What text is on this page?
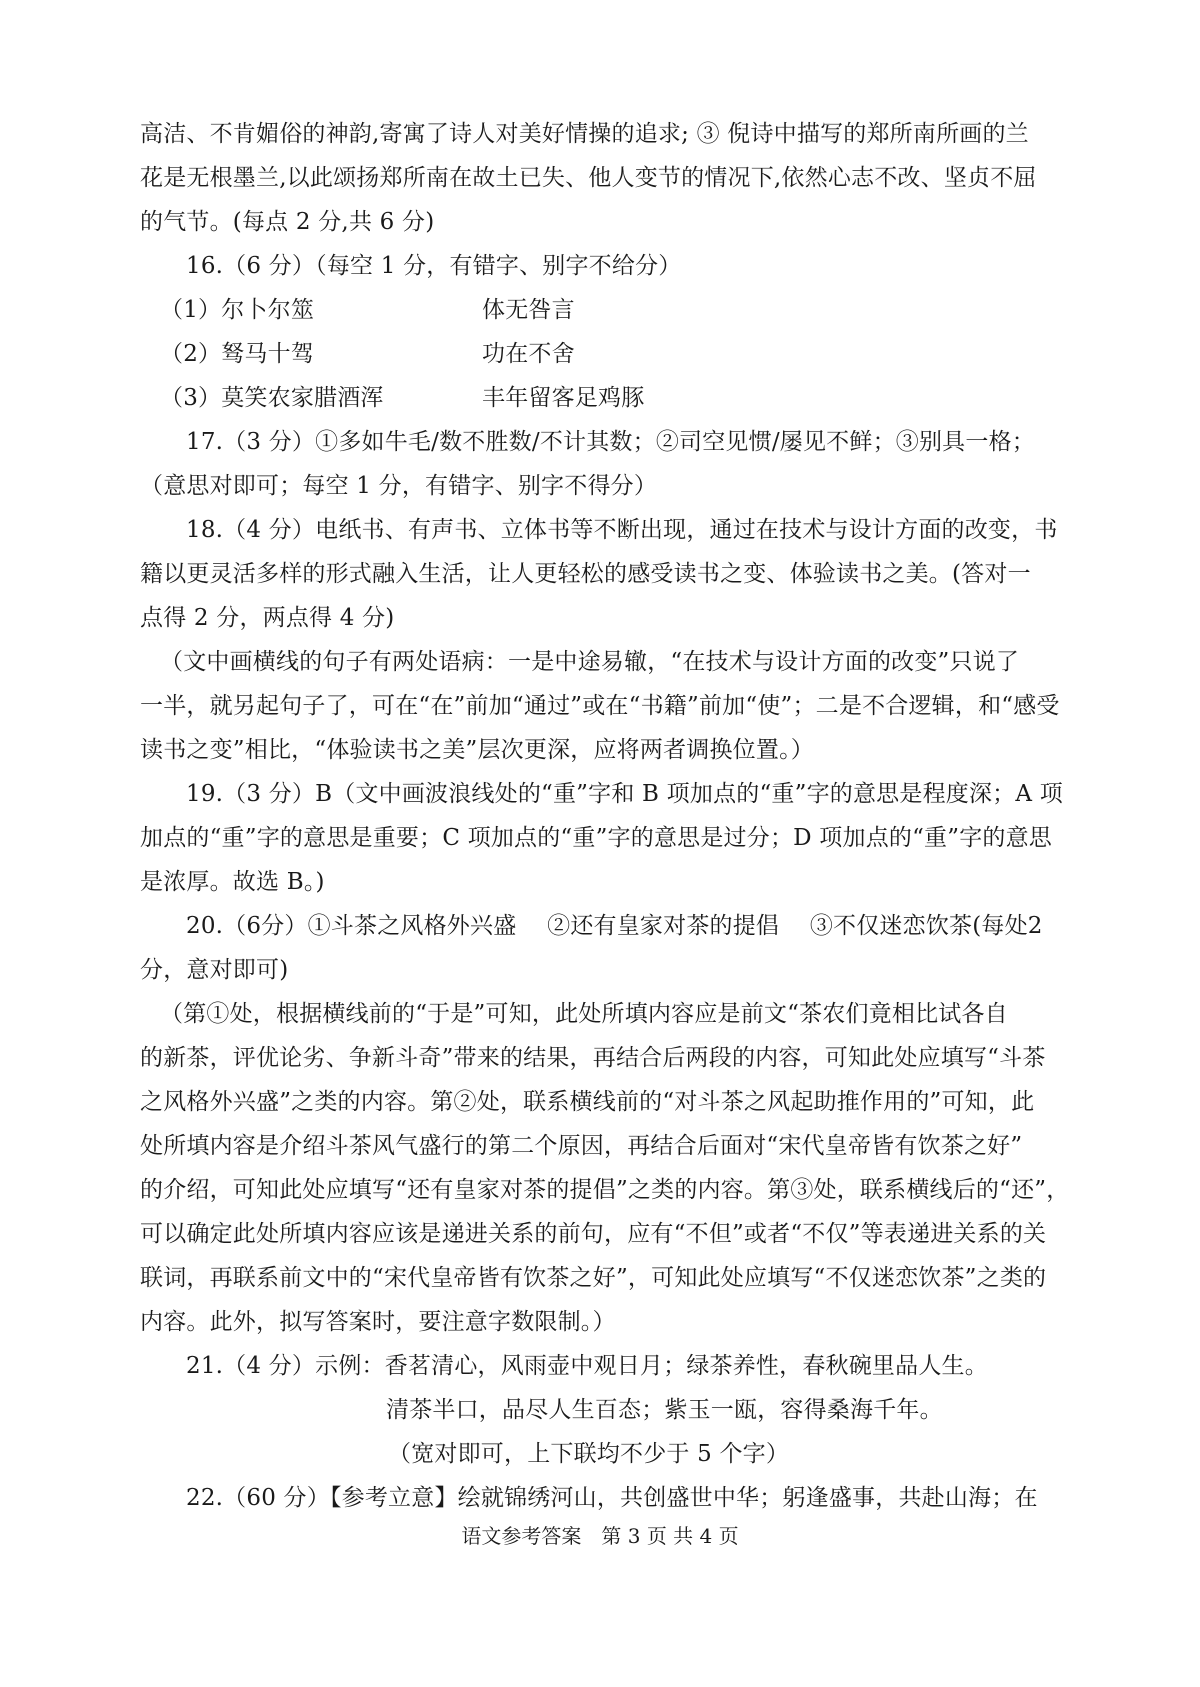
高洁、不肯媚俗的神韵,寄寓了诗人对美好情操的追求; ③ 倪诗中描写的郑所南所画的兰
花是无根墨兰,以此颂扬郑所南在故土已失、他人变节的情况下,依然心志不改、坚贞不屈
的气节。(每点 2 分,共 6 分)
16.（6 分）（每空 1 分，有错字、别字不给分）
（1）尔卜尔筮	体无咎言
（2）驽马十驾	功在不舍
（3）莫笑农家腊酒浑	丰年留客足鸡豚
17.（3 分）①多如牛毛/数不胜数/不计其数；②司空见惯/屡见不鲜；③别具一格；
（意思对即可；每空 1 分，有错字、别字不得分）
18.（4 分）电纸书、有声书、立体书等不断出现，通过在技术与设计方面的改变，书
籍以更灵活多样的形式融入生活，让人更轻松的感受读书之变、体验读书之美。(答对一
点得 2 分，两点得 4 分)
（文中画横线的句子有两处语病：一是中途易辙，“在技术与设计方面的改变”只说了
一半，就另起句子了，可在“在”前加“通过”或在“书籍”前加“使”；二是不合逻辑，和“感受
读书之变”相比，“体验读书之美”层次更深，应将两者调换位置。）
19.（3 分）B（文中画波浪线处的“重”字和 B 项加点的“重”字的意思是程度深；A 项
加点的“重”字的意思是重要；C 项加点的“重”字的意思是过分；D 项加点的“重”字的意思
是浓厚。故选 B。)
20.（6分）①斗茶之风格外兴盛　 ②还有皇家对茶的提倡　 ③不仅迷恋饮茶(每处2
分，意对即可)
（第①处，根据横线前的“于是”可知，此处所填内容应是前文“茶农们竟相比试各自
的新茶，评优论劣、争新斗奇”带来的结果，再结合后两段的内容，可知此处应填写“斗茶
之风格外兴盛”之类的内容。第②处，联系横线前的“对斗茶之风起助推作用的”可知，此
处所填内容是介绍斗茶风气盛行的第二个原因，再结合后面对“宋代皇帝皆有饮茶之好”
的介绍，可知此处应填写“还有皇家对茶的提倡”之类的内容。第③处，联系横线后的“还”，
可以确定此处所填内容应该是递进关系的前句，应有“不但”或者“不仅”等表递进关系的关
联词，再联系前文中的“宋代皇帝皆有饮茶之好”，可知此处应填写“不仅迷恋饮茶”之类的
内容。此外，拟写答案时，要注意字数限制。）
21.（4 分）示例：香茗清心，风雨壶中观日月；绿茶养性，春秋碗里品人生。
清茶半口，品尽人生百态；紫玉一瓯，容得桑海千年。
（宽对即可，上下联均不少于 5 个字）
22.（60 分）【参考立意】绘就锦绣河山，共创盛世中华；躬逢盛事，共赴山海；在
语文参考答案　第 3 页 共 4 页
